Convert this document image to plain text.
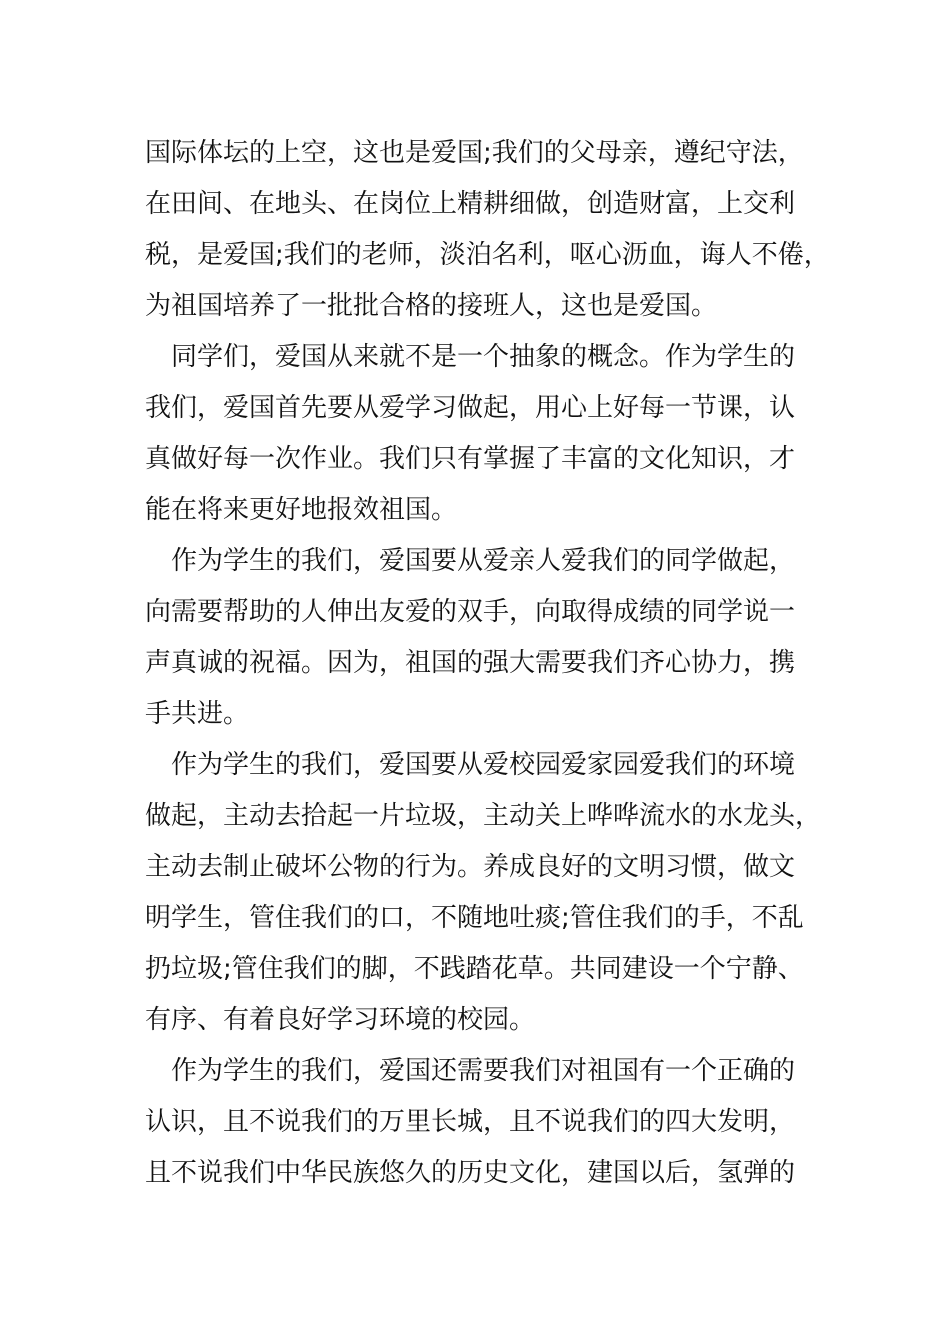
国际体坛的上空，这也是爱国;我们的父母亲，遵纪守法，
在田间、在地头、在岗位上精耕细做，创造财富，上交利
税，是爱国;我们的老师，淡泊名利，呕心沥血，诲人不倦，
为祖国培养了一批批合格的接班人，这也是爱国。
　同学们，爱国从来就不是一个抽象的概念。作为学生的
我们，爱国首先要从爱学习做起，用心上好每一节课，认
真做好每一次作业。我们只有掌握了丰富的文化知识，才
能在将来更好地报效祖国。
　作为学生的我们，爱国要从爱亲人爱我们的同学做起，
向需要帮助的人伸出友爱的双手，向取得成绩的同学说一
声真诚的祝福。因为，祖国的强大需要我们齐心协力，携
手共进。
　作为学生的我们，爱国要从爱校园爱家园爱我们的环境
做起，主动去拾起一片垃圾，主动关上哗哗流水的水龙头，
主动去制止破坏公物的行为。养成良好的文明习惯，做文
明学生，管住我们的口，不随地吐痰;管住我们的手，不乱
扔垃圾;管住我们的脚，不践踏花草。共同建设一个宁静、
有序、有着良好学习环境的校园。
　作为学生的我们，爱国还需要我们对祖国有一个正确的
认识，且不说我们的万里长城，且不说我们的四大发明，
且不说我们中华民族悠久的历史文化，建国以后，氢弹的
